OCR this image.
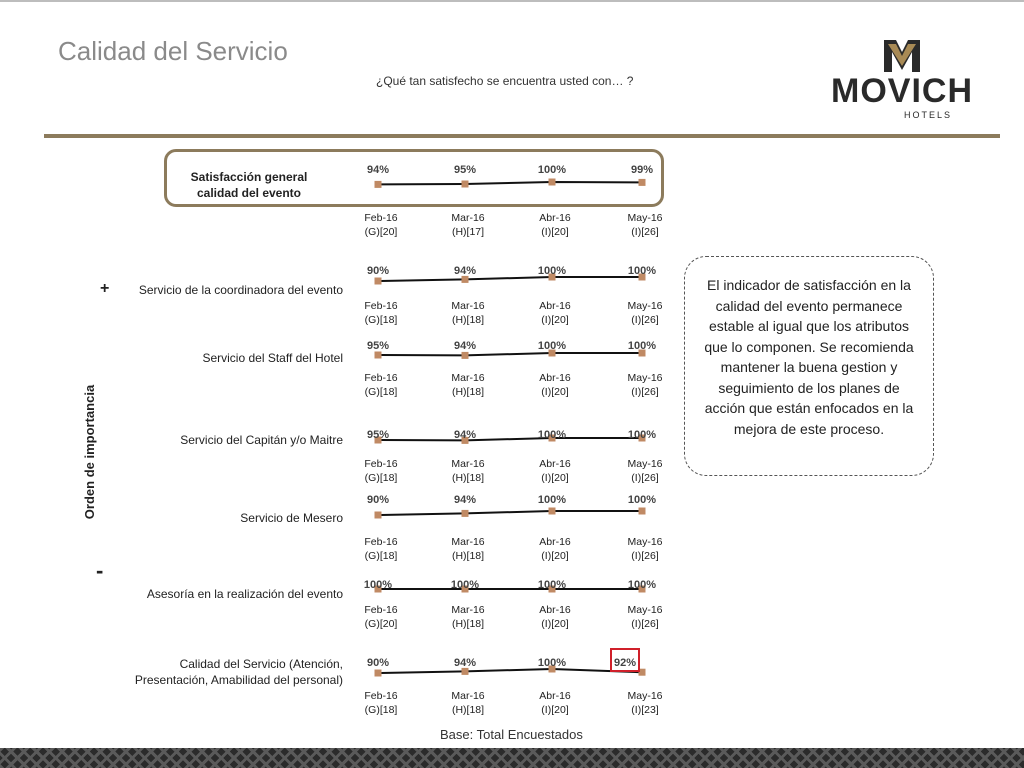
Calidad del Servicio
¿Qué tan satisfecho se encuentra usted con… ?	MOVICH
HOTELS
Orden de importancia
+
-
Satisfacción general calidad del evento
Servicio de la coordinadora del evento
Servicio del Staff del Hotel
Servicio del Capitán y/o Maitre
Servicio de Mesero
Asesoría en la realización del evento
Calidad del Servicio (Atención,
Presentación, Amabilidad del personal)
94%
Feb-16
(G)[20]
95%
Mar-16
(H)[17]
100%
Abr-16
(I)[20]
99%
May-16
(I)[26]
90%
Feb-16
(G)[18]
94%
Mar-16
(H)[18]
100%
Abr-16
(I)[20]
100%
May-16
(I)[26]
95%
Feb-16
(G)[18]
94%
Mar-16
(H)[18]
100%
Abr-16
(I)[20]
100%
May-16
(I)[26]
95%
Feb-16
(G)[18]
94%
Mar-16
(H)[18]
100%
Abr-16
(I)[20]
100%
May-16
(I)[26]
90%
Feb-16
(G)[18]
94%
Mar-16
(H)[18]
100%
Abr-16
(I)[20]
100%
May-16
(I)[26]
100%
Feb-16
(G)[20]
100%
Mar-16
(H)[18]
100%
Abr-16
(I)[20]
100%
May-16
(I)[26]
90%
Feb-16
(G)[18]
94%
Mar-16
(H)[18]
100%
Abr-16
(I)[20]
92%
May-16
(I)[23]
El indicador de satisfacción en la calidad del evento permanece estable al igual que los atributos que lo componen. Se recomienda mantener la buena gestion y seguimiento de los planes de acción que están enfocados en la mejora de este proceso.
Base: Total Encuestados
